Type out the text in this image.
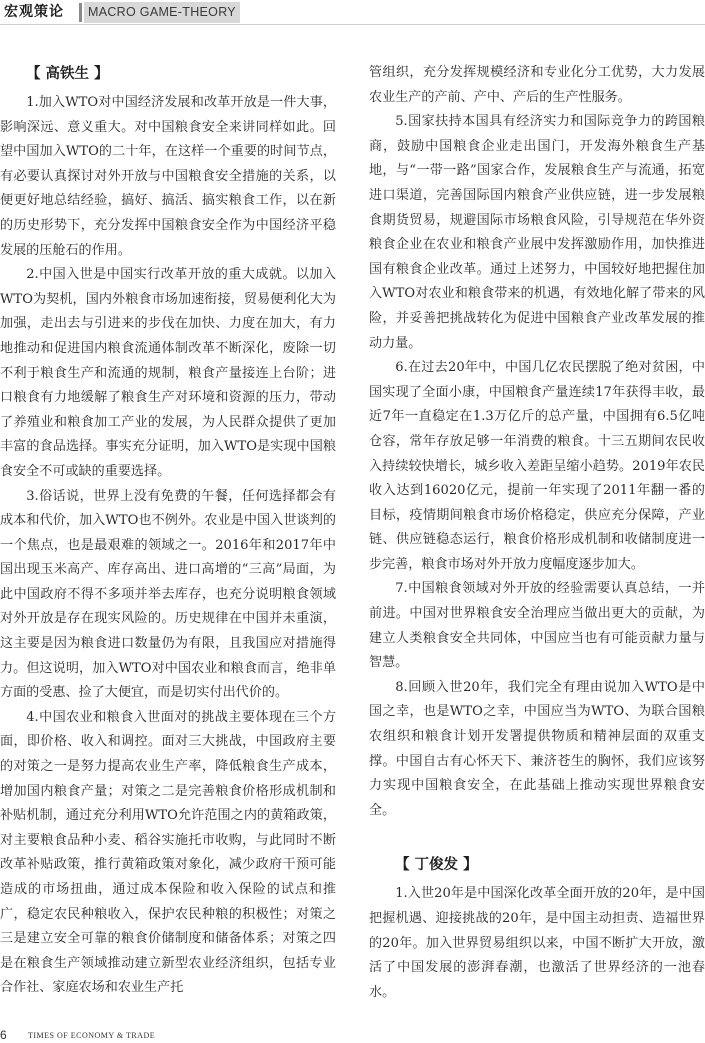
宏观策论	MACRO GAME-THEORY
【 高铁生 】

1.加入WTO对中国经济发展和改革开放是一件大事，影响深远、意义重大。对中国粮食安全来讲同样如此。回望中国加入WTO的二十年，在这样一个重要的时间节点，有必要认真探讨对外开放与中国粮食安全措施的关系，以便更好地总结经验，搞好、搞活、搞实粮食工作，以在新的历史形势下，充分发挥中国粮食安全作为中国经济平稳发展的压舱石的作用。

2.中国入世是中国实行改革开放的重大成就。以加入WTO为契机，国内外粮食市场加速衔接，贸易便利化大为加强，走出去与引进来的步伐在加快、力度在加大，有力地推动和促进国内粮食流通体制改革不断深化，废除一切不利于粮食生产和流通的规制，粮食产量接连上台阶；进口粮食有力地缓解了粮食生产对环境和资源的压力，带动了养殖业和粮食加工产业的发展，为人民群众提供了更加丰富的食品选择。事实充分证明，加入WTO是实现中国粮食安全不可或缺的重要选择。

3.俗话说，世界上没有免费的午餐，任何选择都会有成本和代价，加入WTO也不例外。农业是中国入世谈判的一个焦点，也是最艰难的领域之一。2016年和2017年中国出现玉米高产、库存高出、进口高增的“三高”局面，为此中国政府不得不多项并举去库存，也充分说明粮食领域对外开放是存在现实风险的。历史规律在中国并未重演，这主要是因为粮食进口数量仍为有限，且我国应对措施得力。但这说明，加入WTO对中国农业和粮食而言，绝非单方面的受惠、捡了大便宜，而是切实付出代价的。

4.中国农业和粮食入世面对的挑战主要体现在三个方面，即价格、收入和调控。面对三大挑战，中国政府主要的对策之一是努力提高农业生产率，降低粮食生产成本，增加国内粮食产量；对策之二是完善粮食价格形成机制和补贴机制，通过充分利用WTO允许范围之内的黄箱政策，对主要粮食品种小麦、稻谷实施托市收购，与此同时不断改革补贴政策，推行黄箱政策对象化，减少政府干预可能造成的市场扭曲，通过成本保险和收入保险的试点和推广，稳定农民种粮收入，保护农民种粮的积极性；对策之三是建立安全可靠的粮食价储制度和储备体系；对策之四是在粮食生产领域推动建立新型农业经济组织，包括专业合作社、家庭农场和农业生产托

管组织，充分发挥规模经济和专业化分工优势，大力发展农业生产的产前、产中、产后的生产性服务。

5.国家扶持本国具有经济实力和国际竞争力的跨国粮商，鼓励中国粮食企业走出国门，开发海外粮食生产基地，与“一带一路”国家合作，发展粮食生产与流通，拓宽进口渠道，完善国际国内粮食产业供应链，进一步发展粮食期货贸易，规避国际市场粮食风险，引导规范在华外资粮食企业在农业和粮食产业展中发挥激励作用，加快推进国有粮食企业改革。通过上述努力，中国较好地把握住加入WTO对农业和粮食带来的机遇，有效地化解了带来的风险，并妥善把挑战转化为促进中国粮食产业改革发展的推动力量。

6.在过去20年中，中国几亿农民摆脱了绝对贫困，中国实现了全面小康，中国粮食产量连续17年获得丰收，最近7年一直稳定在1.3万亿斤的总产量，中国拥有6.5亿吨仓容，常年存放足够一年消费的粮食。十三五期间农民收入持续较快增长，城乡收入差距呈缩小趋势。2019年农民收入达到16020亿元，提前一年实现了2011年翻一番的目标，疫情期间粮食市场价格稳定，供应充分保障，产业链、供应链稳态运行，粮食价格形成机制和收储制度进一步完善，粮食市场对外开放力度幅度逐步加大。

7.中国粮食领域对外开放的经验需要认真总结，一并前进。中国对世界粮食安全治理应当做出更大的贡献，为建立人类粮食安全共同体，中国应当也有可能贡献力量与智慧。

8.回顾入世20年，我们完全有理由说加入WTO是中国之幸，也是WTO之幸，中国应当为WTO、为联合国粮农组织和粮食计划开发署提供物质和精神层面的双重支撑。中国自古有心怀天下、兼济苍生的胸怀，我们应该努力实现中国粮食安全，在此基础上推动实现世界粮食安全。

【 丁俊发 】

1.入世20年是中国深化改革全面开放的20年，是中国把握机遇、迎接挑战的20年，是中国主动担责、造福世界的20年。加入世界贸易组织以来，中国不断扩大开放，激活了中国发展的澎湃春潮，也激活了世界经济的一池春水。

6	TIMES OF ECONOMY & TRADE
